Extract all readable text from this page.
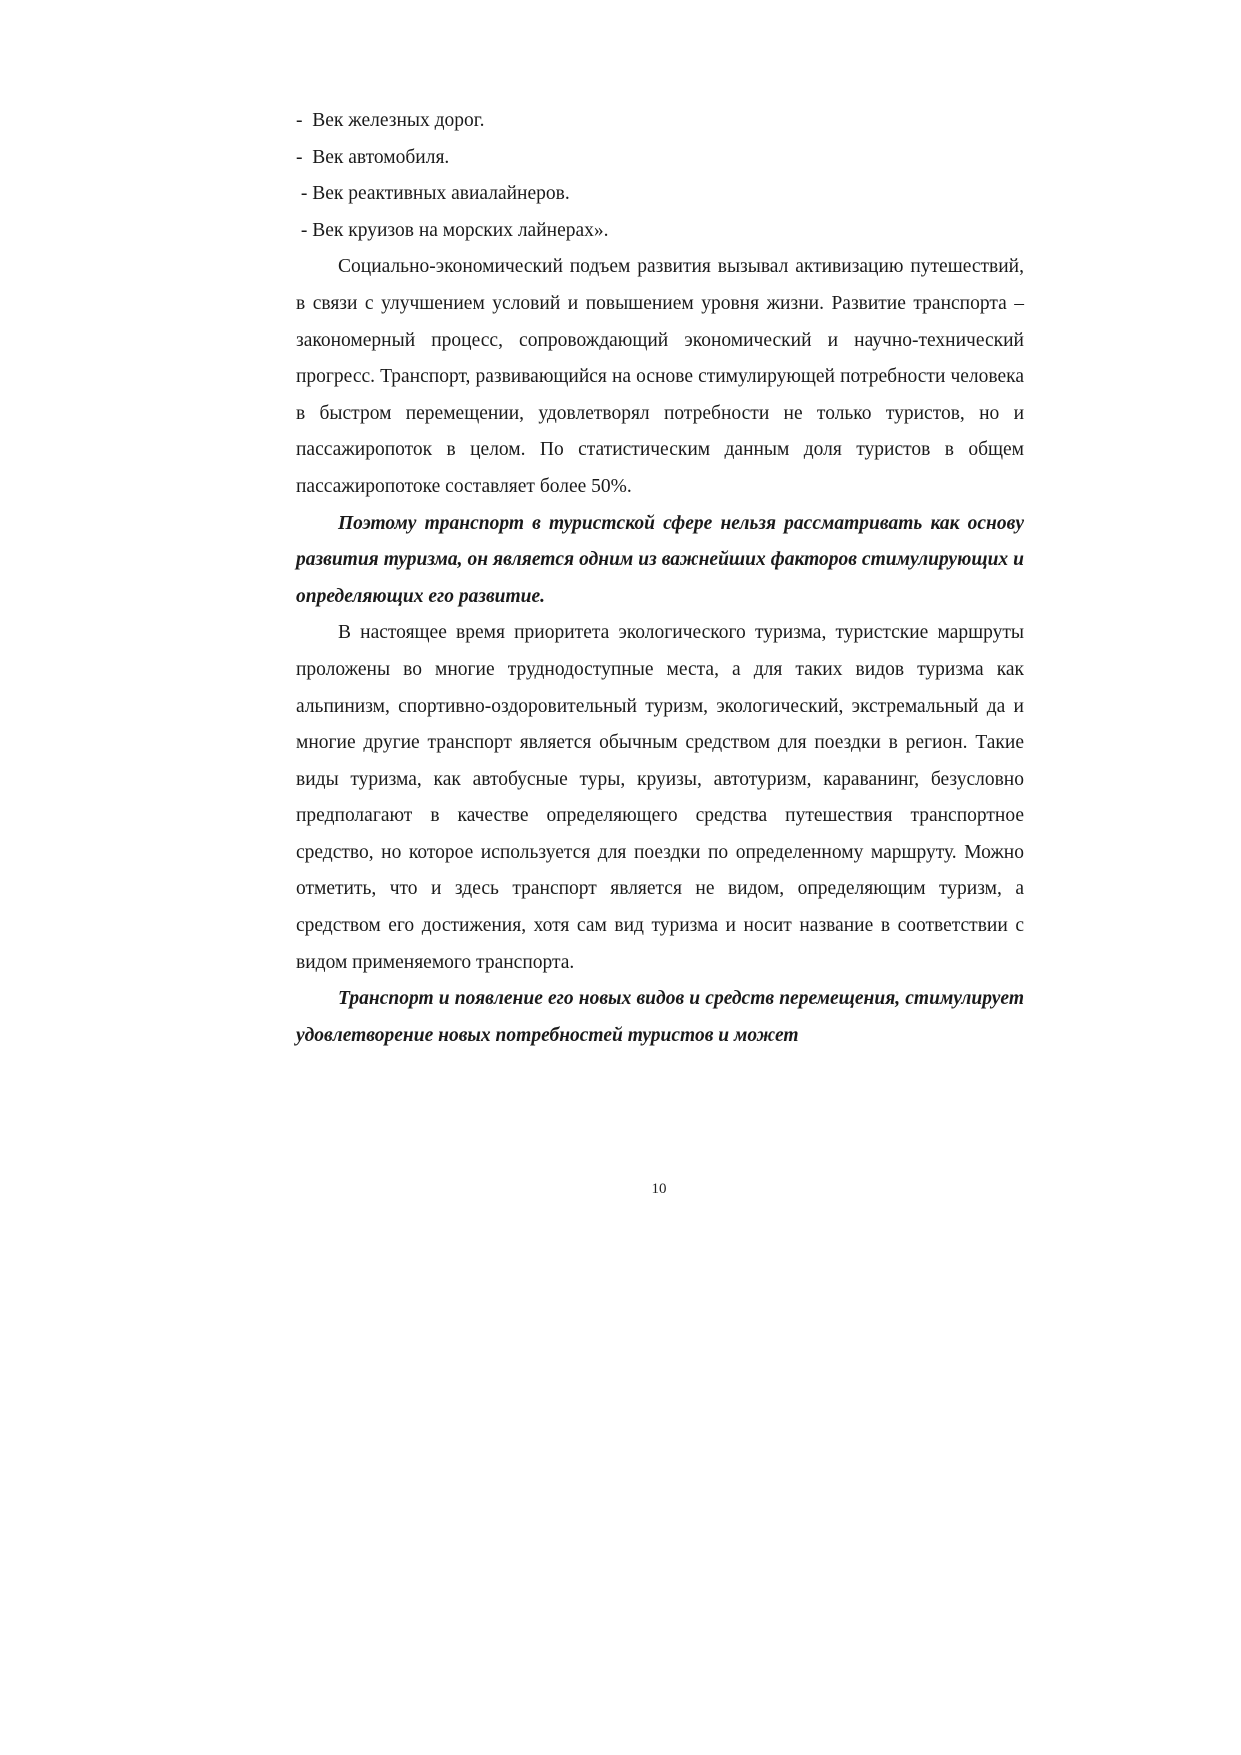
-  Век железных дорог.

-  Век автомобиля.

- Век реактивных авиалайнеров.

- Век круизов на морских лайнерах».

Социально-экономический подъем развития вызывал активизацию путешествий, в связи с улучшением условий и повышением уровня жизни. Развитие транспорта – закономерный процесс, сопровождающий экономический и научно-технический прогресс. Транспорт, развивающийся на основе стимулирующей потребности человека в быстром перемещении, удовлетворял потребности не только туристов, но и пассажиропоток в целом. По статистическим данным доля туристов в общем пассажиропотоке составляет более 50%.

Поэтому транспорт в туристской сфере нельзя рассматривать как основу развития туризма, он является одним из важнейших факторов стимулирующих и определяющих его развитие.

В настоящее время приоритета экологического туризма, туристские маршруты проложены во многие труднодоступные места, а для таких видов туризма как альпинизм, спортивно-оздоровительный туризм, экологический, экстремальный да и многие другие транспорт является обычным средством для поездки в регион. Такие виды туризма, как автобусные туры, круизы, автотуризм, караванинг, безусловно предполагают в качестве определяющего средства путешествия транспортное средство, но которое используется для поездки по определенному маршруту. Можно отметить, что и здесь транспорт является не видом, определяющим туризм, а средством его достижения, хотя сам вид туризма и носит название в соответствии с видом применяемого транспорта.

Транспорт и появление его новых видов и средств перемещения, стимулирует удовлетворение новых потребностей туристов и может

10
